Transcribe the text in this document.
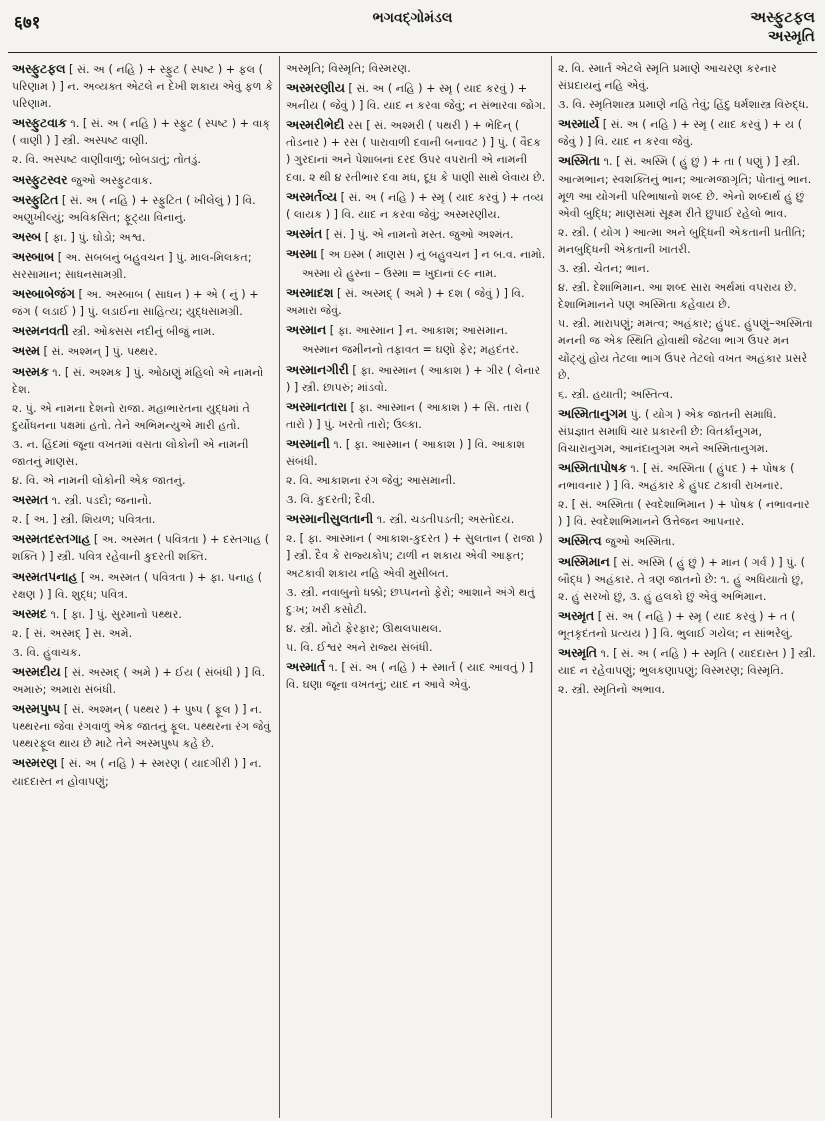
६७१	ભગવદ્ગોમંડલ	અસ્ફુટફલ
અસ્મૃતિ
અસ્ફુટફલ [ સં. અ ( નહિ ) + સ્ફુટ ( સ્પષ્ટ ) + ફલ ( પરિણામ ) ] ન. અવ્યક્ત એટલે ન દેખી શકાય એવું ફળ કે પરિણામ.
અસ્ફુટવાક ૧. [ સં. અ ( નહિ ) + સ્ફુટ ( સ્પષ્ટ ) + વાક્ ( વાણી ) ] સ્ત્રી. અસ્પષ્ટ વાણી.
૨. વિ. અસ્પષ્ટ વાણીવાળું; બોબડાતું; તોતડું.
અસ્ફુટસ્વર જુઓ અસ્ફુટવાક.
અસ્ફુટિત [ સં. અ ( નહિ ) + સ્ફુટિત ( ખીલેલું ) ] વિ. અણુખીલ્યું; અવિકસિત; ફૂટ્યા વિનાનું.
અસ્બ [ ફા. ] પું. ઘોડો; અશ્વ.
અસ્બાબ [ અ. સબબનું બહુવચન ] પું. માલ-મિલકત; સરસામાન; સાધનસામગ્રી.
અસ્બાબેજંગ [ અ. અસ્બાબ ( સાધન ) + એ ( નું ) + જંગ ( લડાઈ ) ] પું. લડાઈના સાહિત્ય; યુદ્ધસામગ્રી.
અસ્મનવતી સ્ત્રી. ઓક્સસ નદીનું બીજું નામ.
અસ્મ [ સં. અશ્મન્ ] પું. પથ્થર.
અસ્મક ૧. [ સં. અશ્મક ] પું. ઓઠાણું મંહિલો એ નામનો દેશ.
૨. પું. એ નામના દેશનો રાજા. મહાભારતના યુદ્ધમાં તે દુર્યોધનના પક્ષમાં હતો. તેને અભિમન્યુએ મારી હતો.
૩. ન. હિંદમાં જૂના વખતમાં વસતા લોકોની એ નામની જાતનું માણસ.
૪. વિ. એ નામની લોકોની એક જાતનું.
અસ્મત ૧. સ્ત્રી. પડદો; જનાનો.
૨. [ અ. ] સ્ત્રી. શિયળ; પવિત્રતા.
અસ્મતદસ્તગાહ [ અ. અસ્મત ( પવિત્રતા ) + દસ્તગાહ ( શક્તિ ) ] સ્ત્રી. પવિત્ર રહેવાની કુદરતી શક્તિ.
અસ્મતપનાહ [ અ. અસ્મત ( પવિત્રતા ) + ફા. પનાહ ( રક્ષણ ) ] વિ. શુદ્ધ; પવિત્ર.
અસ્મદ ૧. [ ફા. ] પું. સુરમાનો પથ્થર.
૨. [ સં. અસ્મદ્ ] સ. અમે.
૩. વિ. હુંવાચક.
અસ્મદીય [ સં. અસ્મદ્ ( અમે ) + ઈય ( સંબંધી ) ] વિ. અમારું; અમારા સંબંધી.
અસ્મપુષ્પ [ સં. અશ્મન્ ( પથ્થર ) + પુષ્પ ( ફૂલ ) ] ન. પથ્થરના જેવા રંગવાળું એક જાતનું ફૂલ. પથ્થરના રંગ જેવું પથ્થરફૂલ થાય છે માટે તેને અસ્મપુષ્પ કહે છે.
અસ્મરણ [ સં. અ ( નહિ ) + સ્મરણ ( યાદગીરી ) ] ન. યાદદાસ્ત ન હોવાપણું;
અસ્મૃતિ; વિસ્મૃતિ; વિસ્મરણ.
અસ્મરણીય [ સં. અ ( નહિ ) + સ્મૃ ( યાદ કરવું ) + અનીય ( જેવું ) ] વિ. યાદ ન કરવા જેવું; ન સંભારવા જોગ.
અસ્મરીભેદી રસ [ સં. અશ્મરી ( પથરી ) + ભેદિન્ ( તોડનાર ) + રસ ( પારાવાળી દવાની બનાવટ ) ] પું. ( વૈદક ) ગુરદાનાં અને પેશાબનાં દરદ ઉપર વપરાતી એ નામની દવા. ૨ થી ૪ રતીભાર દવા મધ, દૂધ કે પાણી સાથે લેવાય છે.
અસ્મર્તવ્ય [ સં. અ ( નહિ ) + સ્મૃ ( યાદ કરવું ) + તવ્ય ( લાયક ) ] વિ. યાદ ન કરવા જેવું; અસ્મરણીય.
અસ્મંત [ સં. ] પું. એ નામનો મસ્ત. જુઓ અશ્મંત.
અસ્મા [ અ ઇસ્મ ( માણસ ) નું બહુવચન ] ન બ.વ. નામો.
અસ્મા યે હુસ્ના – ઉસ્મા = ખુદાનાં ૯૯ નામ.
અસ્માદશ [ સં. અસ્મદ્ ( અમે ) + દશ ( જેવું ) ] વિ. અમારા જેવું.
અસ્માન [ ફા. આસ્માન ] ન. આકાશ; આસમાન.
અસ્માન જમીનનો તફાવત = ઘણો ફેર; મહદંતર.
અસ્માનગીરી [ ફા. આસ્માન ( આકાશ ) + ગીર ( લેનાર ) ] સ્ત્રી. છાપરું; માંડવો.
અસ્માનતારા [ ફા. આસ્માન ( આકાશ ) + સિ. તારા ( તારો ) ] પું. ખરતો તારો; ઉલ્કા.
અસ્માની ૧. [ ફા. આસ્માન ( આકાશ ) ] વિ. આકાશ સંબંધી.
૨. વિ. આકાશના રંગ જેવું; આસમાની.
૩. વિ. કુદરતી; દૈવી.
અસ્માનીસુલતાની ૧. સ્ત્રી. ચડતીપડતી; અસ્તોદય.
૨. [ ફા. આસ્માન ( આકાશ-કુદરત ) + સુલતાન ( રાજા ) ] સ્ત્રી. દૈવ કે રાજ્યકોપ; ટાળી ન શકાય એવી આફત; અટકાવી શકાય નહિ એવી મુસીબત.
૩. સ્ત્રી. નવાબુનો ધક્કો; છપ્પનનો ફેરો; આશાને અંગે થતું દુઃખ; ખરી કસોટી.
૪. સ્ત્રી. મોટો ફેરફાર; ઊથલપાથલ.
૫. વિ. ઈશ્વર અને રાજ્ય સંબંધી.
અસ્માર્ત ૧. [ સં. અ ( નહિ ) + સ્માર્ત ( યાદ આવતું ) ] વિ. ઘણા જૂના વખતનું; યાદ ન આવે એવું.
૨. વિ. સ્માર્ત એટલે સ્મૃતિ પ્રમાણે આચરણ કરનાર સંપ્રદાયનું નહિ એવું.
૩. વિ. સ્મૃતિશાસ્ત્ર પ્રમાણે નહિ તેવું; હિંદુ ધર્મશાસ્ત્ર વિરુદ્ધ.
અસ્માર્ય [ સં. અ ( નહિ ) + સ્મૃ ( યાદ કરવું ) + ય ( જેવું ) ] વિ. યાદ ન કરવા જેવું.
અસ્મિતા ૧. [ સં. અસ્મિ ( હું છું ) + તા ( પણું ) ] સ્ત્રી. આત્મભાન; સ્વશક્તિનું ભાન; આત્મજાગૃતિ; પોતાનું ભાન. મૂળ આ યોગની પરિભાષાનો શબ્દ છે. એનો શબ્દાર્થ હું છું એવી બુદ્ધિ; માણસમાં સૂક્ષ્મ રીતે છુપાઈ રહેલો ભાવ.
૨. સ્ત્રી. ( યોગ ) આત્મા અને બુદ્ધિની એકતાની પ્રતીતિ; મનબુદ્ધિની એકતાની ખાતરી.
૩. સ્ત્રી. ચેતન; ભાન.
૪. સ્ત્રી. દેશાભિમાન. આ શબ્દ સારા અર્થમાં વપરાય છે. દેશાભિમાનને પણ અસ્મિતા કહેવાય છે.
૫. સ્ત્રી. મારાપણું; મમત્વ; અહંકાર; હુંપદ. હુંપણું–અસ્મિતા મનની જ એક સ્થિતિ હોવાથી જેટલા ભાગ ઉપર મન ચોંટ્યું હોય તેટલા ભાગ ઉપર તેટલો વખત અહંકાર પ્રસરે છે.
૬. સ્ત્રી. હયાતી; અસ્તિત્વ.
અસ્મિતાનુગમ પું. ( યોગ ) એક જાતની સમાધિ. સંપ્રજ્ઞાત સમાધિ ચાર પ્રકારની છે: વિતર્કાનુગમ, વિચારાનુગમ, આનંદાનુગમ અને અસ્મિતાનુગમ.
અસ્મિતાપોષક ૧. [ સં. અસ્મિતા ( હુંપદ ) + પોષક ( નભાવનાર ) ] વિ. અહંકાર કે હુંપદ ટકાવી રાખનાર.
૨. [ સં. અસ્મિતા ( સ્વદેશાભિમાન ) + પોષક ( નભાવનાર ) ] વિ. સ્વદેશાભિમાનને ઉત્તેજન આપનાર.
અસ્મિત્વ જુઓ અસ્મિતા.
અસ્મિમાન [ સં. અસ્મિ ( હું છું ) + માન ( ગર્વ ) ] પું. ( બૌદ્ધ ) અહંકાર. તે ત્રણ જાતનો છે: ૧. હું અધિયાતો છું, ૨. હું સરખો છું, ૩. હું હલકો છું એવું અભિમાન.
અસ્મૃત [ સં. અ ( નહિ ) + સ્મૃ ( યાદ કરવું ) + ત ( ભૂતકૃદંતનો પ્રત્યય ) ] વિ. ભુલાઈ ગયેલ; ન સાંભરેલું.
અસ્મૃતિ ૧. [ સં. અ ( નહિ ) + સ્મૃતિ ( યાદદાસ્ત ) ] સ્ત્રી. યાદ ન રહેવાપણું; ભુલકણાપણું; વિસ્મરણ; વિસ્મૃતિ.
૨. સ્ત્રી. સ્મૃતિનો અભાવ.
